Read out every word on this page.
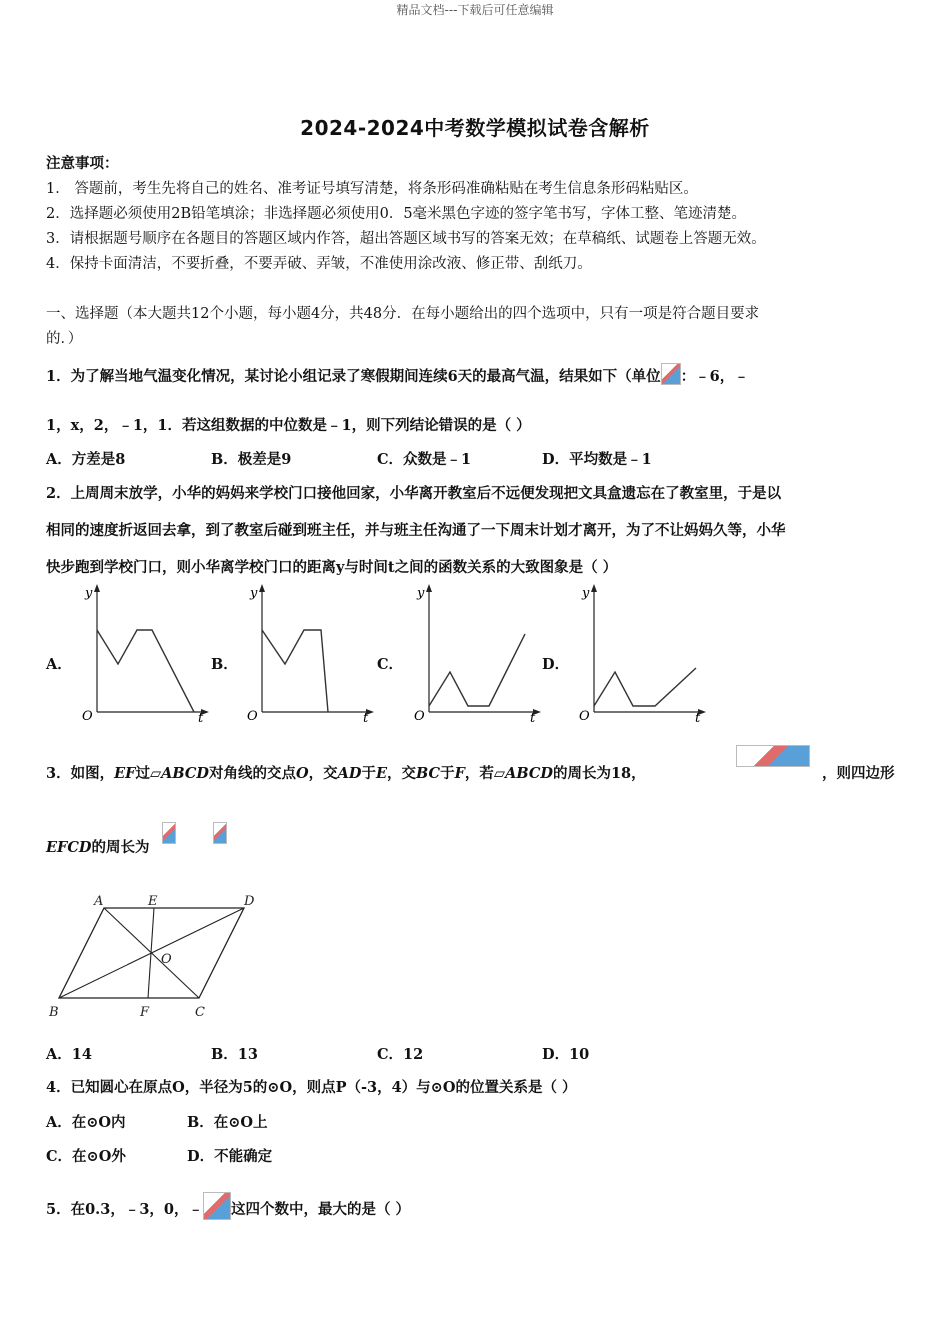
精品文档---下载后可任意编辑
2024-2024中考数学模拟试卷含解析
注意事项：
1． 答题前，考生先将自己的姓名、准考证号填写清楚，将条形码准确粘贴在考生信息条形码粘贴区。
2．选择题必须使用2B铅笔填涂；非选择题必须使用0．5毫米黑色字迹的签字笔书写，字体工整、笔迹清楚。
3．请根据题号顺序在各题目的答题区域内作答，超出答题区域书写的答案无效；在草稿纸、试题卷上答题无效。
4．保持卡面清洁，不要折叠，不要弄破、弄皱，不准使用涂改液、修正带、刮纸刀。
一、选择题（本大题共12个小题，每小题4分，共48分．在每小题给出的四个选项中，只有一项是符合题目要求
的．）
1．为了解当地气温变化情况，某讨论小组记录了寒假期间连续6天的最高气温，结果如下（单位 ：﹣6，﹣
1，x，2，﹣1，1．若这组数据的中位数是﹣1，则下列结论错误的是（ ）
A．方差是8	B．极差是9	C．众数是﹣1	D．平均数是﹣1
2．上周周末放学，小华的妈妈来学校门口接他回家，小华离开教室后不远便发现把文具盒遗忘在了教室里，于是以
相同的速度折返回去拿，到了教室后碰到班主任，并与班主任沟通了一下周末计划才离开，为了不让妈妈久等，小华
快步跑到学校门口，则小华离学校门口的距离y与时间t之间的函数关系的大致图象是（ ）
A．	B．	C．	D．
y
t
O
y
t
O
y
t
O
y
t
O
3．如图，EF过▱ABCD对角线的交点O，交AD于E，交BC于F，若▱ABCD的周长为18，	，则四边形
EFCD的周长为
A	E	D
O
B	F	C
A．14	B．13	C．12	D．10
4．已知圆心在原点O，半径为5的⊙O，则点P（-3，4）与⊙O的位置关系是（ ）
A．在⊙O内	B．在⊙O上
C．在⊙O外	D．不能确定
5．在0.3，﹣3，0，﹣ 这四个数中，最大的是（ ）
